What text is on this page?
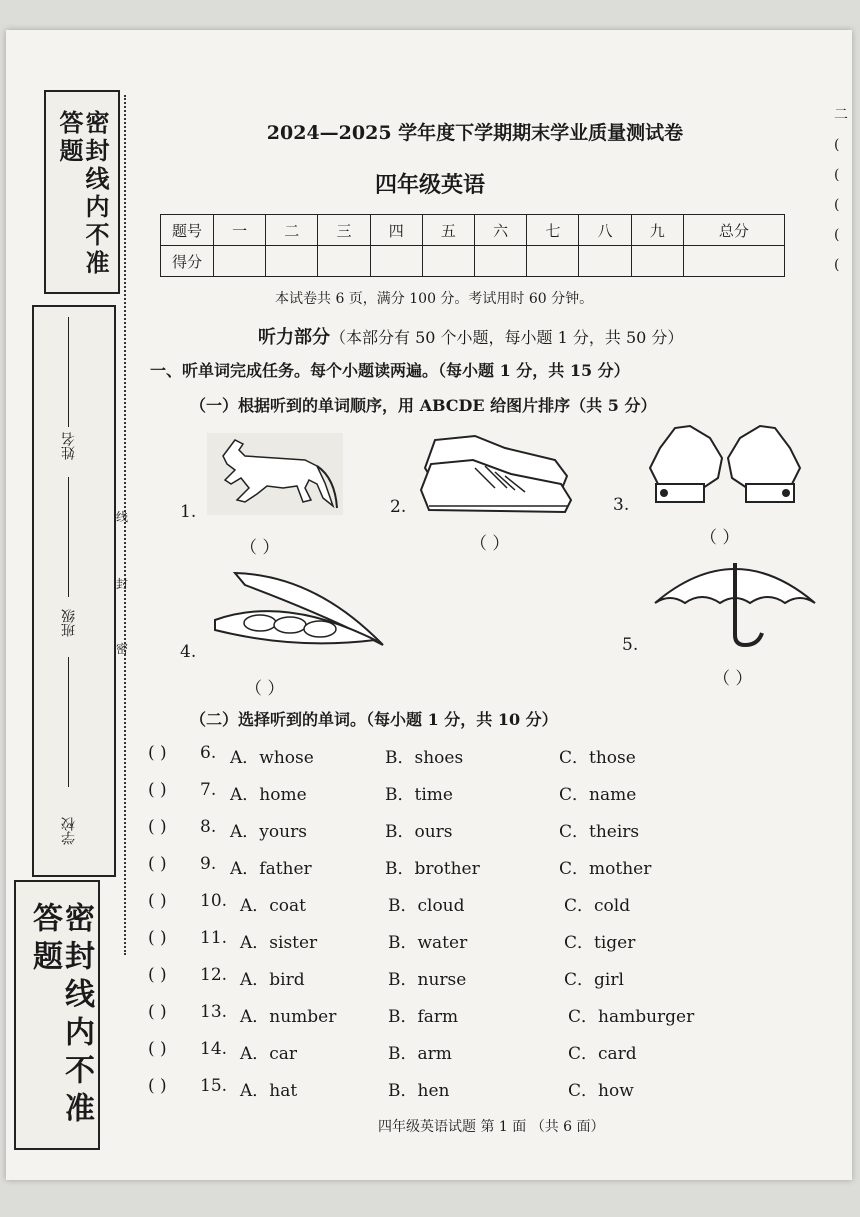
密封线内不准答题
姓名
班级
学校
密封线内不准答题
线
封
密
二
(
(
(
(
(
2024—2025 学年度下学期期末学业质量测试卷
四年级英语
题号	一	二	三	四	五	六	七	八	九	总分
得分										
本试卷共 6 页，满分 100 分。考试用时 60 分钟。
听力部分（本部分有 50 个小题，每小题 1 分，共 50 分）
一、听单词完成任务。每个小题读两遍。（每小题 1 分，共 15 分）
（一）根据听到的单词顺序，用 ABCDE 给图片排序（共 5 分）
1.
（ ）
2.
（ ）
3.
（ ）
4.
（ ）
5.
（ ）
（二）选择听到的单词。（每小题 1 分，共 10 分）
( ) 6. A．whose	B．shoes	C．those
( ) 7. A．home	B．time	C．name
( ) 8. A．yours	B．ours	C．theirs
( ) 9. A．father	B．brother	C．mother
( ) 10. A．coat	B．cloud	C．cold
( ) 11. A．sister	B．water	C．tiger
( ) 12. A．bird	B．nurse	C．girl
( ) 13. A．number	B．farm	C．hamburger
( ) 14. A．car	B．arm	C．card
( ) 15. A．hat	B．hen	C．how
四年级英语试题 第 1 面 （共 6 面）
